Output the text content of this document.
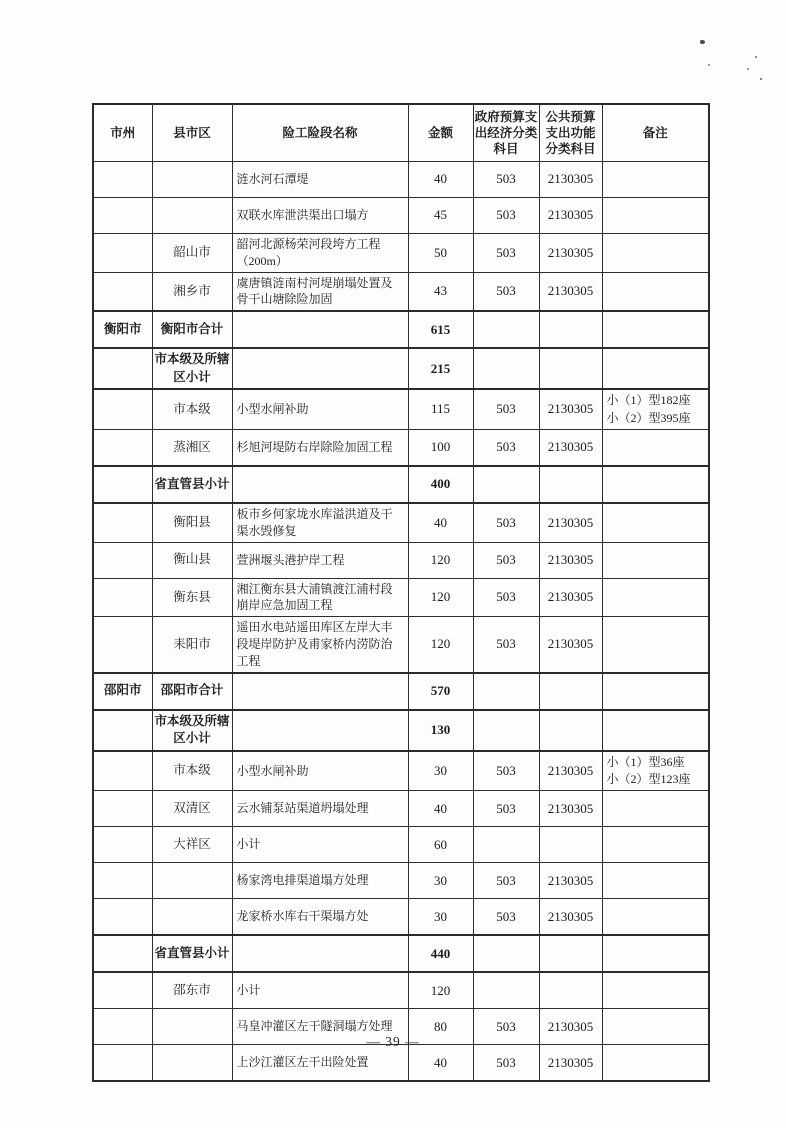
市州	县市区	险工险段名称	金额	政府预算支出经济分类科目	公共预算支出功能分类科目	备注
		涟水河石潭堤	40	503	2130305	
		双联水库泄洪渠出口塌方	45	503	2130305	
	韶山市	韶河北源杨荣河段垮方工程（200m）	50	503	2130305	
	湘乡市	虞唐镇涟南村河堤崩塌处置及骨干山塘除险加固	43	503	2130305	
衡阳市	衡阳市合计		615			
	市本级及所辖区小计		215			
	市本级	小型水闸补助	115	503	2130305	小（1）型182座
小（2）型395座

	蒸湘区	杉旭河堤防右岸除险加固工程	100	503	2130305	
	省直管县小计		400			
	衡阳县	板市乡何家垅水库溢洪道及干渠水毁修复	40	503	2130305	
	衡山县	萱洲堰头港护岸工程	120	503	2130305	
	衡东县	湘江衡东县大浦镇渡江浦村段崩岸应急加固工程	120	503	2130305	
	耒阳市	遥田水电站遥田库区左岸大丰段堤岸防护及甫家桥内涝防治工程	120	503	2130305	
邵阳市	邵阳市合计		570			
	市本级及所辖区小计		130			
	市本级	小型水闸补助	30	503	2130305	小（1）型36座
小（2）型123座

	双清区	云水铺泵站渠道坍塌处理	40	503	2130305	
	大祥区	小计	60			
		杨家湾电排渠道塌方处理	30	503	2130305	
		龙家桥水库右干渠塌方处	30	503	2130305	
	省直管县小计		440			
	邵东市	小计	120			
		马皇冲灌区左干隧洞塌方处理	80	503	2130305	
		上沙江灌区左干出险处置	40	503	2130305	
— 39 —
